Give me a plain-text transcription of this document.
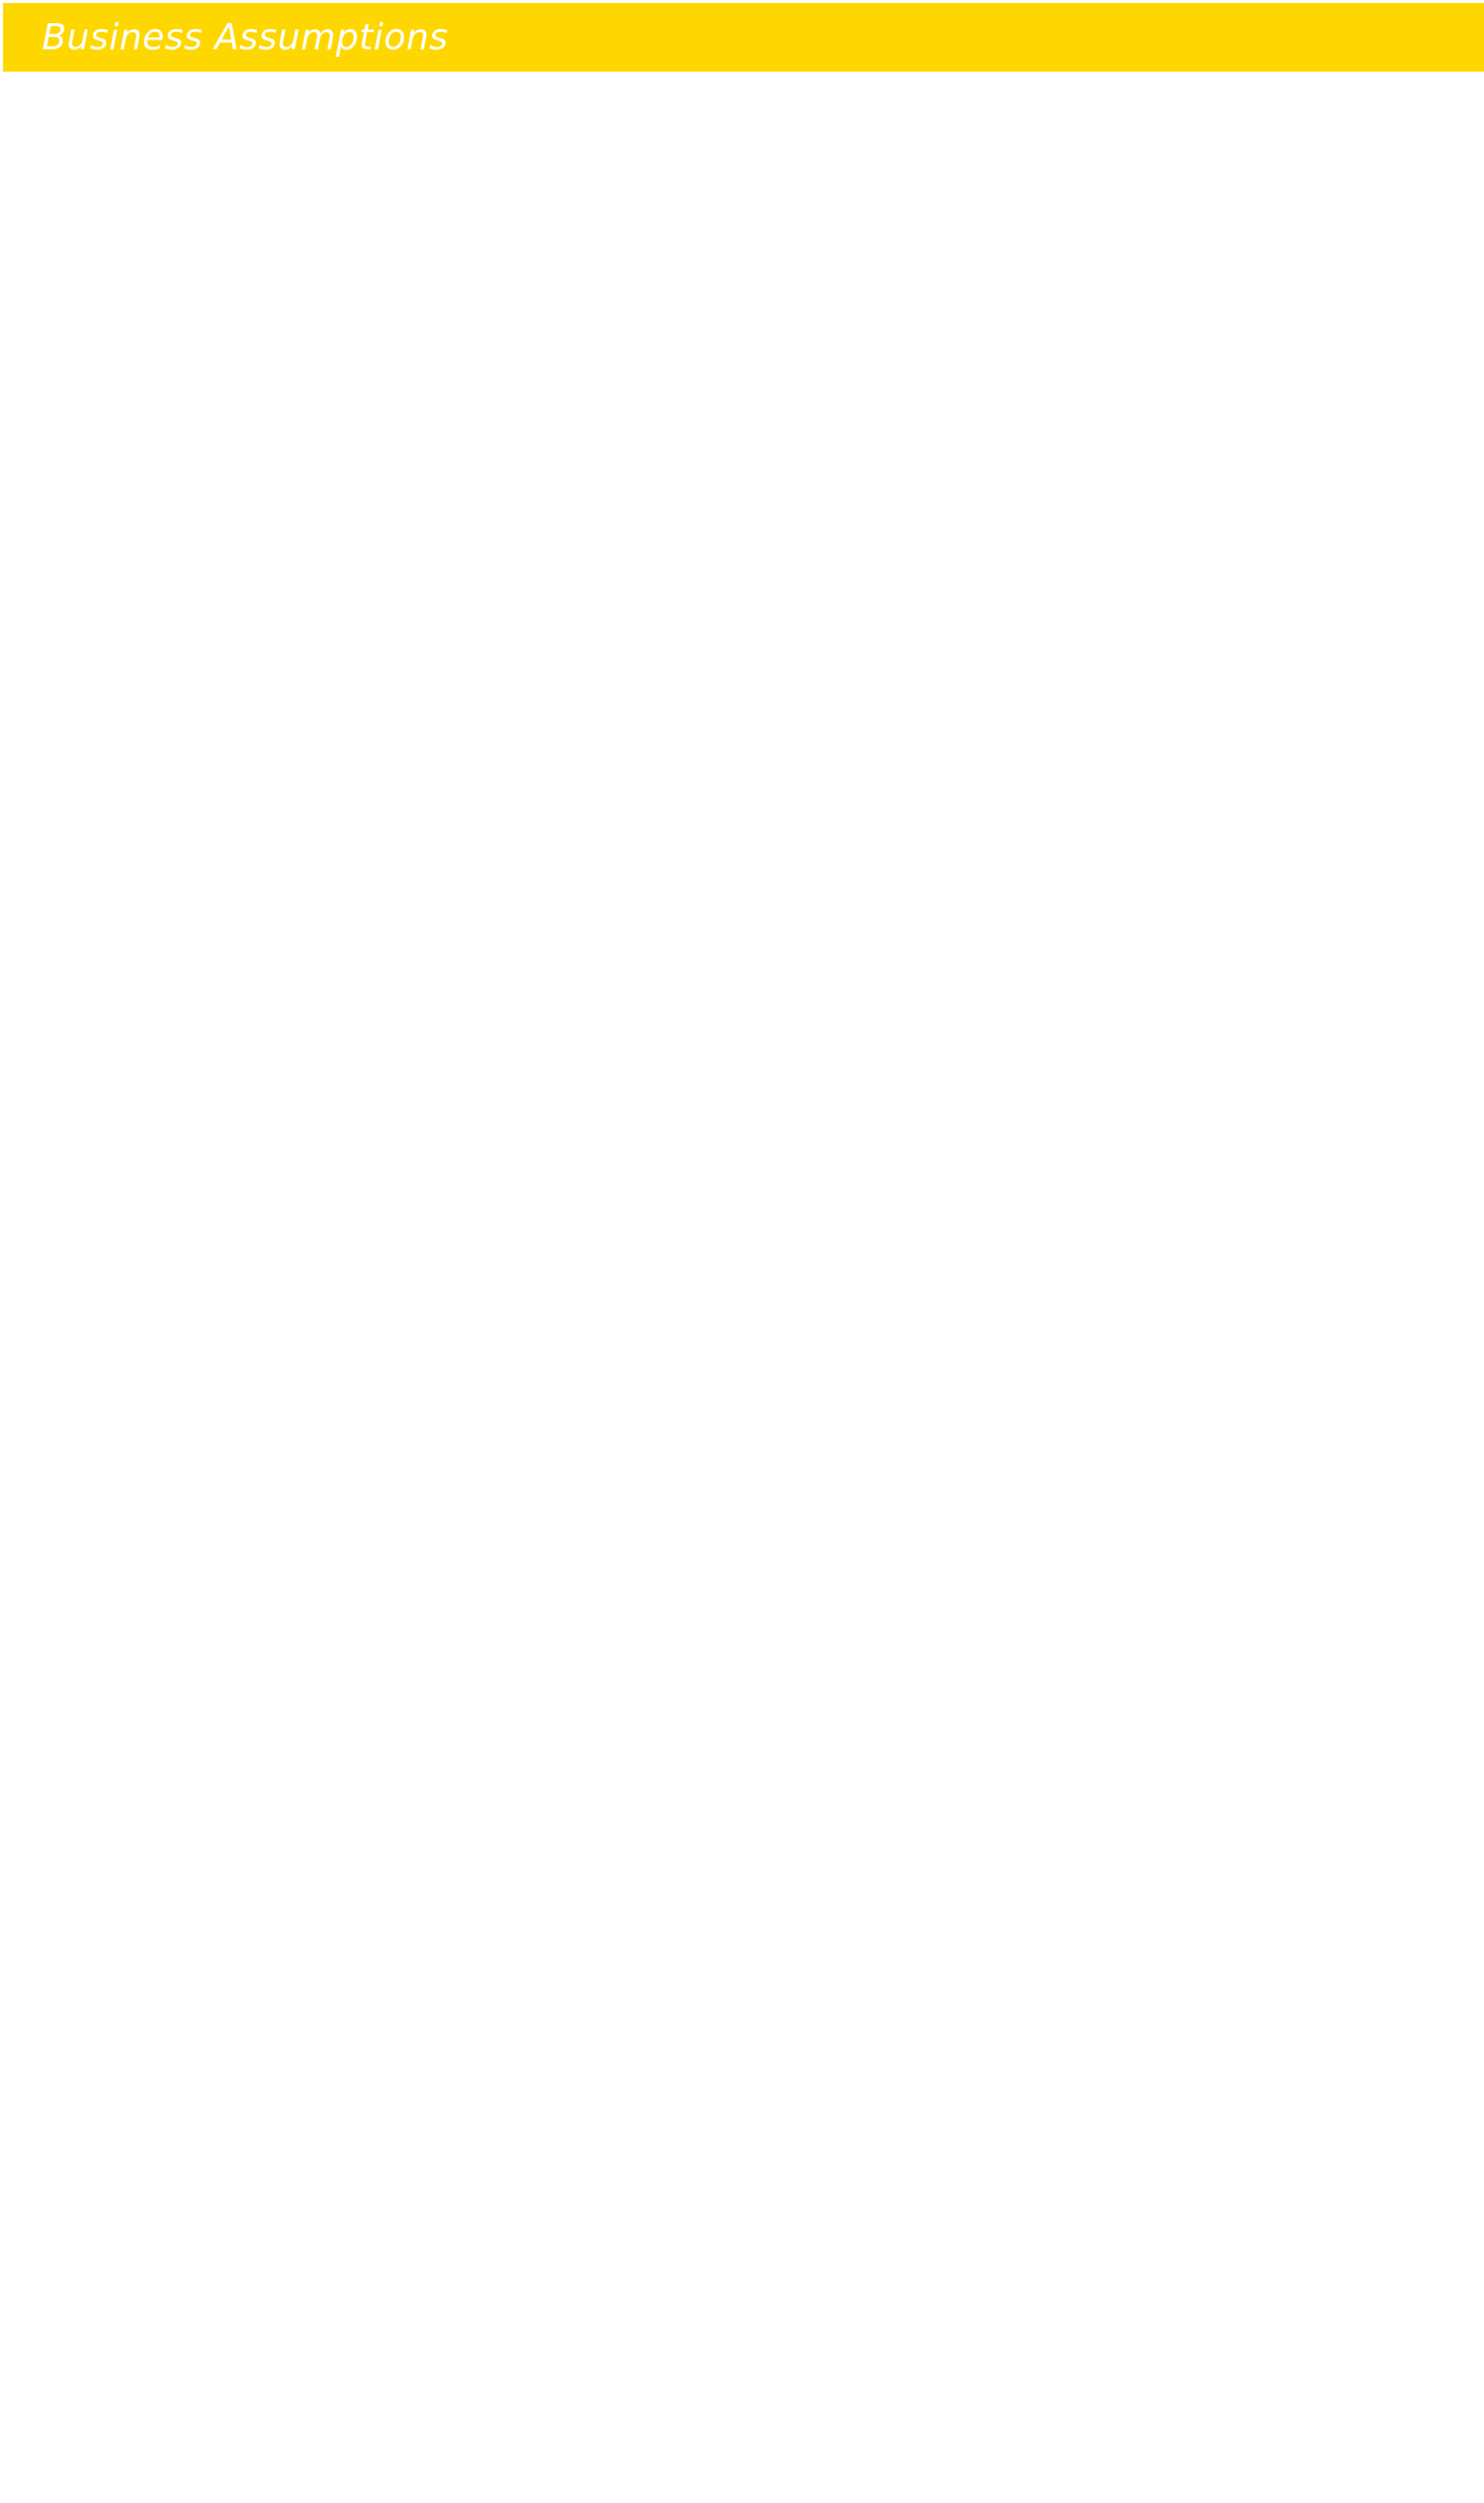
Business Assumptions
